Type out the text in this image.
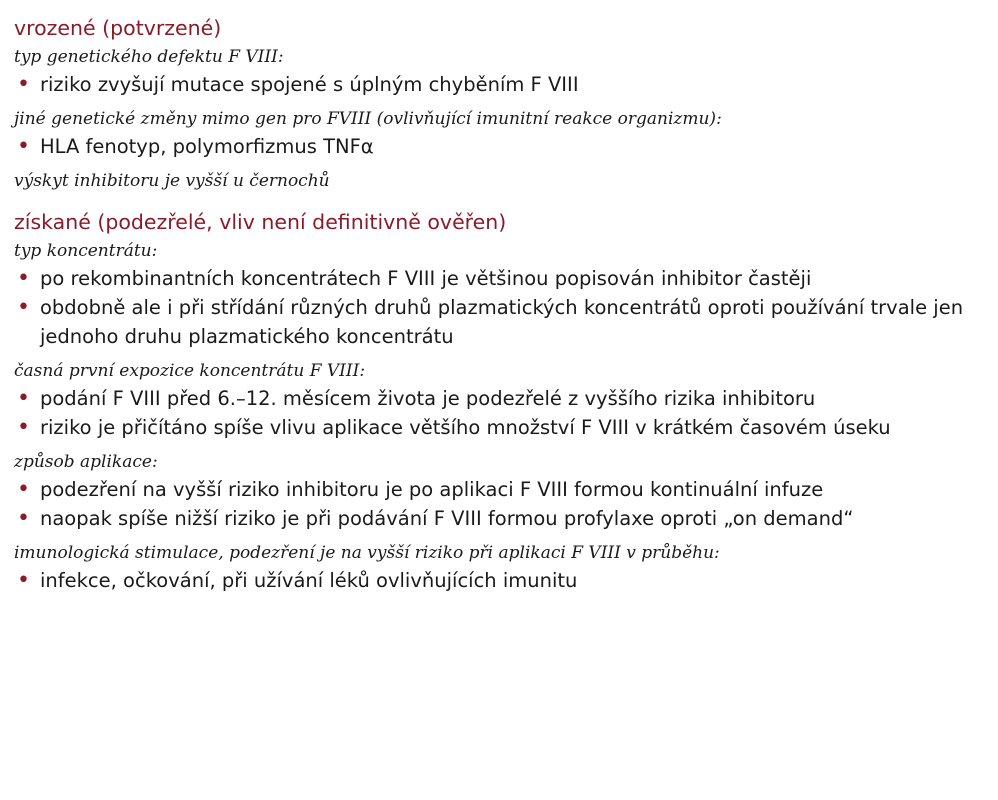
vrozené (potvrzené)
typ genetického defektu F VIII:
• riziko zvyšují mutace spojené s úplným chyběním F VIII
jiné genetické změny mimo gen pro FVIII (ovlivňující imunitní reakce organizmu):
• HLA fenotyp, polymorfizmus TNFα
výskyt inhibitoru je vyšší u černochů
získané (podezřelé, vliv není definitivně ověřen)
typ koncentrátu:
• po rekombinantních koncentrátech F VIII je většinou popisován inhibitor častěji
• obdobně ale i při střídání různých druhů plazmatických koncentrátů oproti používání trvale jen jednoho druhu plazmatického koncentrátu
časná první expozice koncentrátu F VIII:
• podání F VIII před 6.–12. měsícem života je podezřelé z vyššího rizika inhibitoru
• riziko je přičítáno spíše vlivu aplikace většího množství F VIII v krátkém časovém úseku
způsob aplikace:
• podezření na vyšší riziko inhibitoru je po aplikaci F VIII formou kontinuální infuze
• naopak spíše nižší riziko je při podávání F VIII formou profylaxe oproti „on demand“
imunologická stimulace, podezření je na vyšší riziko při aplikaci F VIII v průběhu:
• infekce, očkování, při užívání léků ovlivňujících imunitu
